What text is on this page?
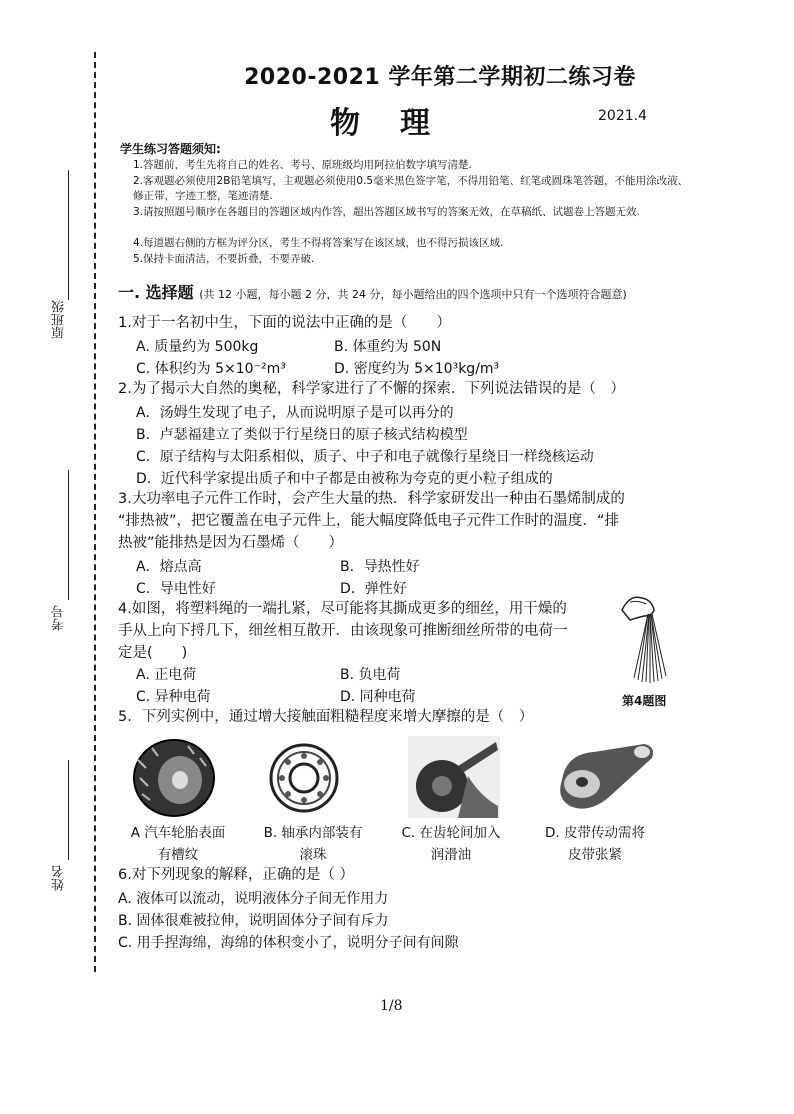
原班级
考号
姓名
2020-2021 学年第二学期初二练习卷
物理	2021.4
学生练习答题须知:
1.答题前，考生先将自己的姓名、考号、原班级均用阿拉伯数字填写清楚.
2.客观题必须使用2B铅笔填写，主观题必须使用0.5毫米黑色签字笔，不得用铅笔、红笔或圆珠笔答题，不能用涂改液、修正带，字迹工整，笔迹清楚.
3.请按照题号顺序在各题目的答题区域内作答，超出答题区域书写的答案无效，在草稿纸、试题卷上答题无效.
4.每道题右侧的方框为评分区，考生不得将答案写在该区域，也不得污损该区域.
5.保持卡面清洁，不要折叠，不要弄破.
一. 选择题 (共 12 小题，每小题 2 分，共 24 分，每小题给出的四个选项中只有一个选项符合题意)
1.对于一名初中生，下面的说法中正确的是（　　）
A. 质量约为 500kg	B. 体重约为 50N
C. 体积约为 5×10⁻²m³	D. 密度约为 5×10³kg/m³
2.为了揭示大自然的奥秘，科学家进行了不懈的探索．下列说法错误的是（　）
A．汤姆生发现了电子，从而说明原子是可以再分的
B．卢瑟福建立了类似于行星绕日的原子核式结构模型
C．原子结构与太阳系相似，质子、中子和电子就像行星绕日一样绕核运动
D．近代科学家提出质子和中子都是由被称为夸克的更小粒子组成的
3.大功率电子元件工作时，会产生大量的热．科学家研发出一种由石墨烯制成的
“排热被”，把它覆盖在电子元件上，能大幅度降低电子元件工作时的温度．“排
热被”能排热是因为石墨烯（　　）
A．熔点高	B．导热性好
C．导电性好	D．弹性好
4.如图，将塑料绳的一端扎紧，尽可能将其撕成更多的细丝，用干燥的
手从上向下捋几下，细丝相互散开．由该现象可推断细丝所带的电荷一
定是(　　)
A. 正电荷	B. 负电荷
C. 异种电荷	D. 同种电荷	第4题图
5．下列实例中，通过增大接触面粗糙程度来增大摩擦的是（　）
A 汽车轮胎表面
有槽纹
B. 轴承内部装有
滚珠
C. 在齿轮间加入
润滑油
D. 皮带传动需将
皮带张紧
6.对下列现象的解释，正确的是（ ）
A. 液体可以流动，说明液体分子间无作用力
B. 固体很难被拉伸，说明固体分子间有斥力
C. 用手捏海绵，海绵的体积变小了，说明分子间有间隙
1/8
